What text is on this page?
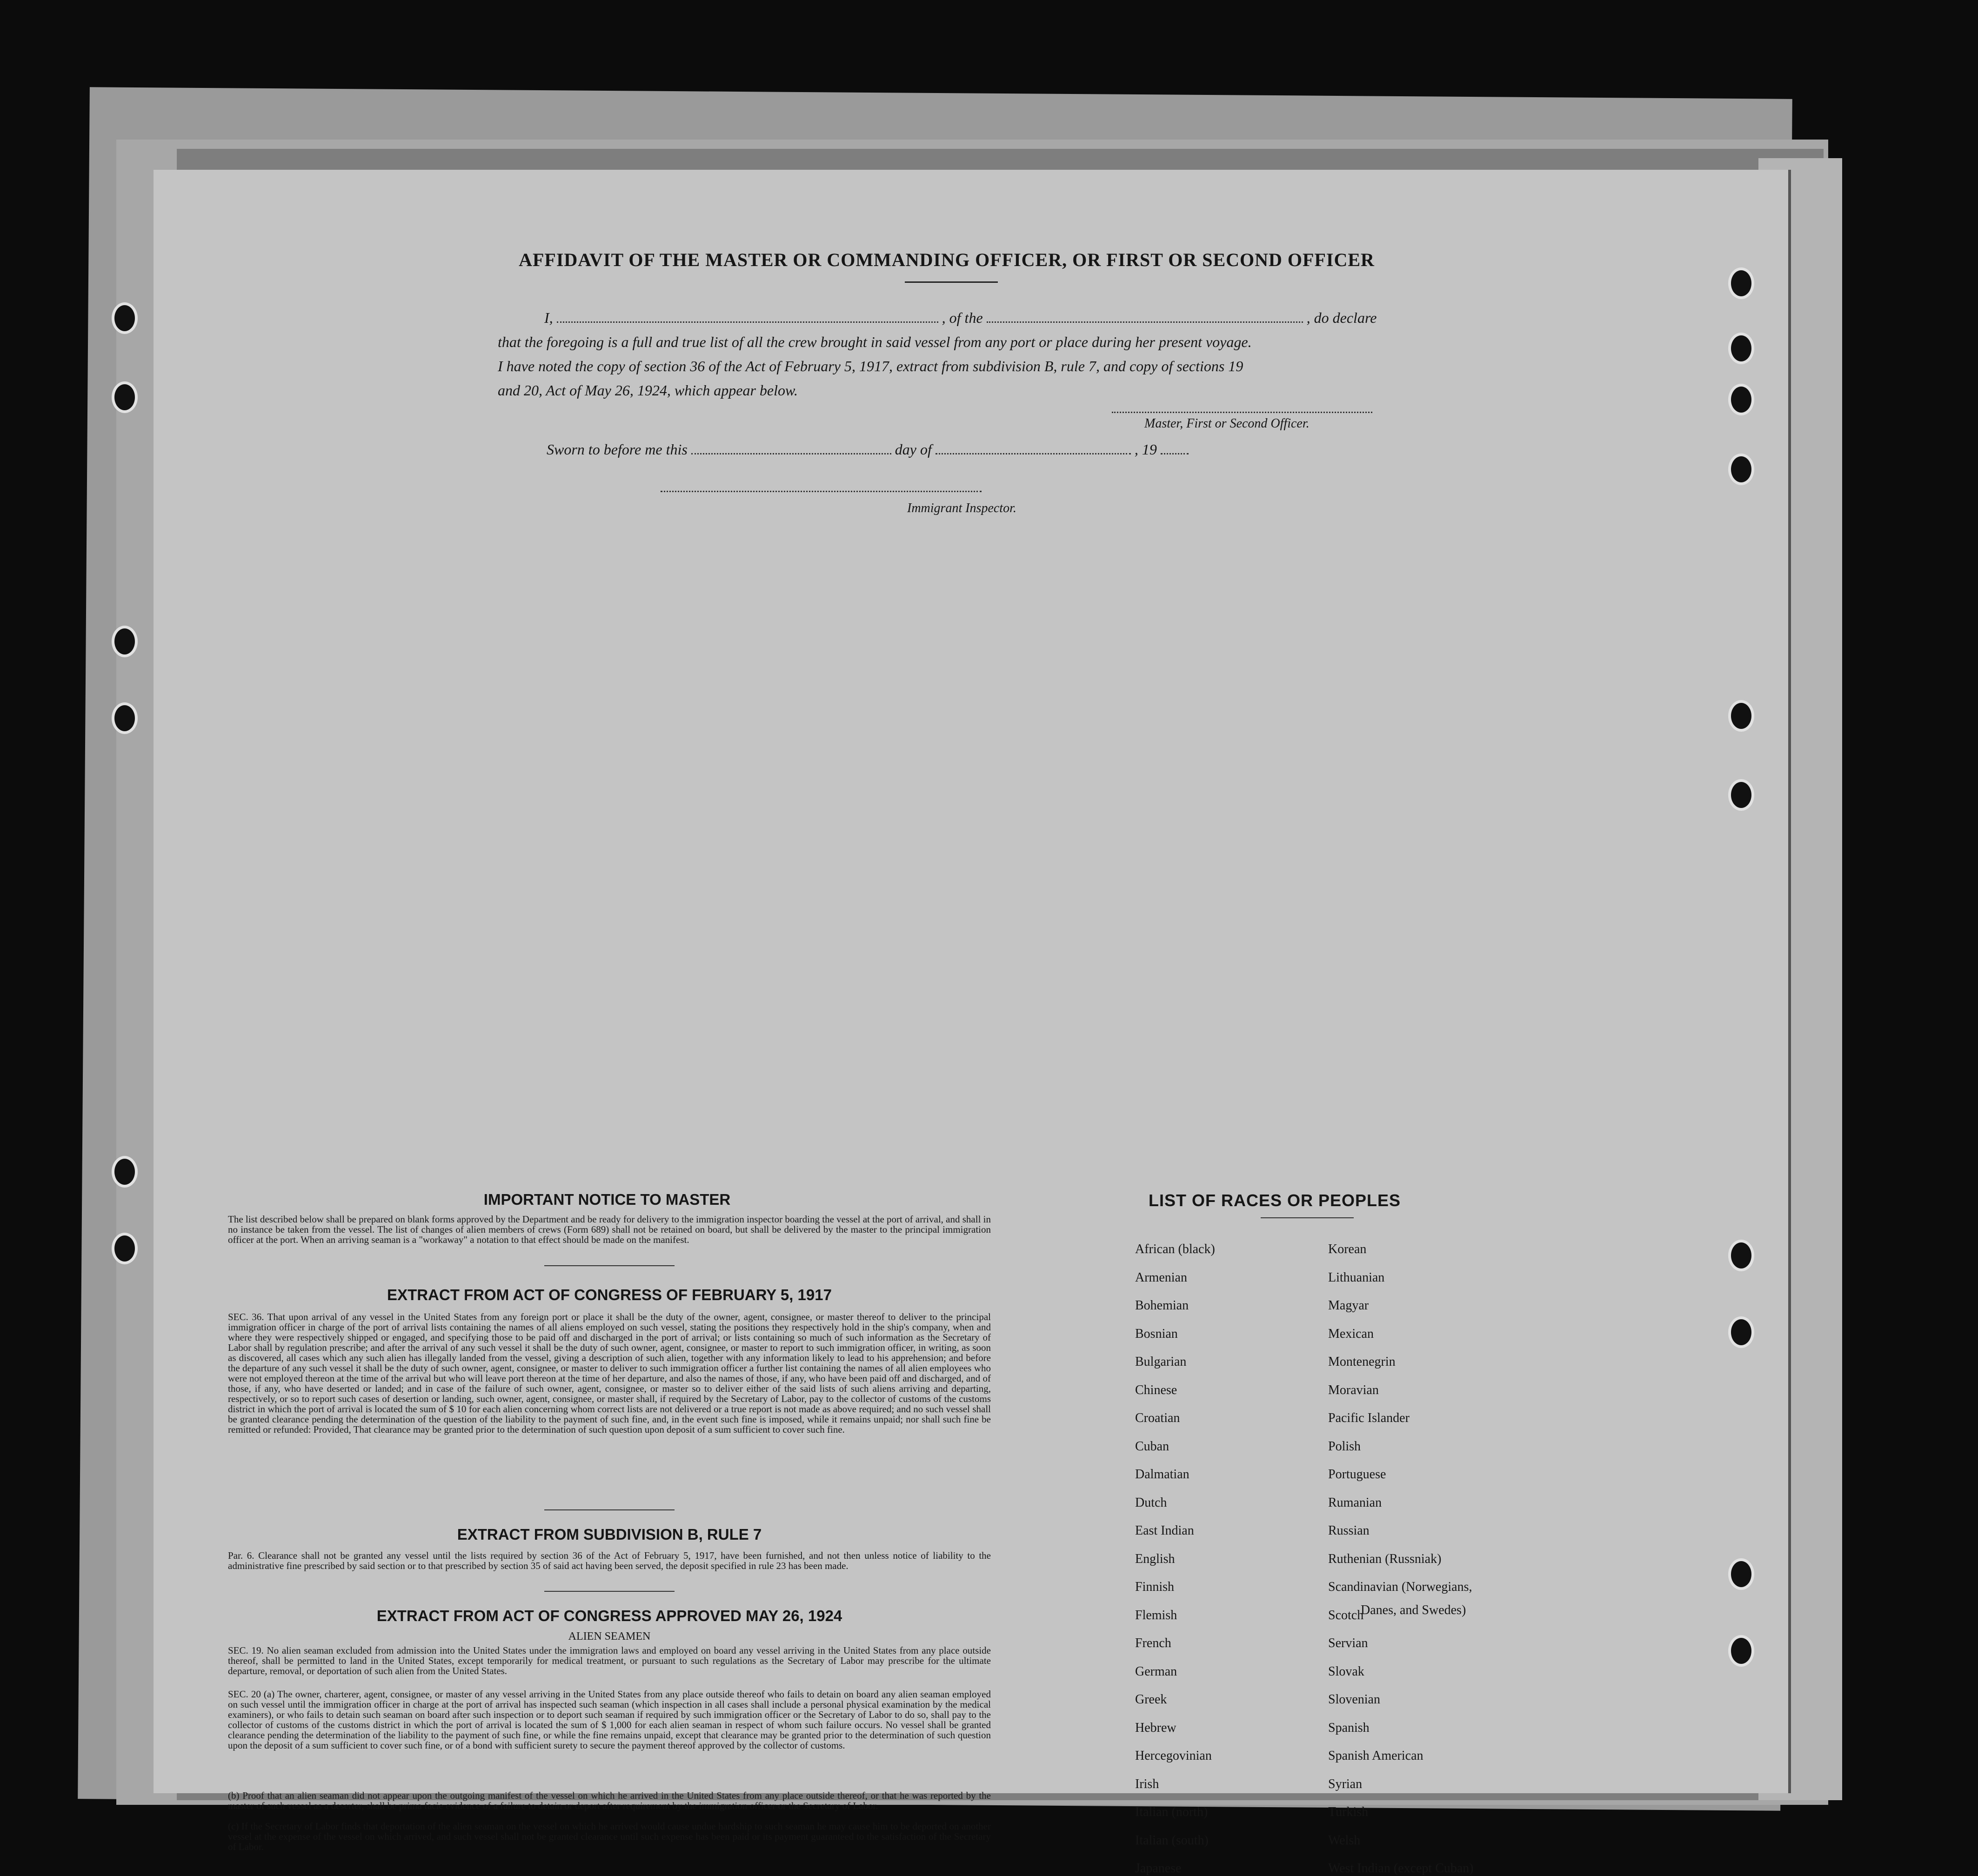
AFFIDAVIT OF THE MASTER OR COMMANDING OFFICER, OR FIRST OR SECOND OFFICER
I,	, of the	, do declare
that the foregoing is a full and true list of all the crew brought in said vessel from any port or place during her present voyage.
I have noted the copy of section 36 of the Act of February 5, 1917, extract from subdivision B, rule 7, and copy of sections 19
and 20, Act of May 26, 1924, which appear below.
Master, First or Second Officer.
Sworn to before me this	day of	, 19
Immigrant Inspector.
IMPORTANT NOTICE TO MASTER
The list described below shall be prepared on blank forms approved by the Department and be ready for delivery to the immigration inspector boarding the vessel at the port of arrival, and shall in no instance be taken from the vessel. The list of changes of alien members of crews (Form 689) shall not be retained on board, but shall be delivered by the master to the principal immigration officer at the port. When an arriving seaman is a "workaway" a notation to that effect should be made on the manifest.
EXTRACT FROM ACT OF CONGRESS OF FEBRUARY 5, 1917
SEC. 36. That upon arrival of any vessel in the United States from any foreign port or place it shall be the duty of the owner, agent, consignee, or master thereof to deliver to the principal immigration officer in charge of the port of arrival lists containing the names of all aliens employed on such vessel, stating the positions they respectively hold in the ship's company, when and where they were respectively shipped or engaged, and specifying those to be paid off and discharged in the port of arrival; or lists containing so much of such information as the Secretary of Labor shall by regulation prescribe; and after the arrival of any such vessel it shall be the duty of such owner, agent, consignee, or master to report to such immigration officer, in writing, as soon as discovered, all cases which any such alien has illegally landed from the vessel, giving a description of such alien, together with any information likely to lead to his apprehension; and before the departure of any such vessel it shall be the duty of such owner, agent, consignee, or master to deliver to such immigration officer a further list containing the names of all alien employees who were not employed thereon at the time of the arrival but who will leave port thereon at the time of her departure, and also the names of those, if any, who have been paid off and discharged, and of those, if any, who have deserted or landed; and in case of the failure of such owner, agent, consignee, or master so to deliver either of the said lists of such aliens arriving and departing, respectively, or so to report such cases of desertion or landing, such owner, agent, consignee, or master shall, if required by the Secretary of Labor, pay to the collector of customs of the customs district in which the port of arrival is located the sum of $ 10 for each alien concerning whom correct lists are not delivered or a true report is not made as above required; and no such vessel shall be granted clearance pending the determination of the question of the liability to the payment of such fine, and, in the event such fine is imposed, while it remains unpaid; nor shall such fine be remitted or refunded: Provided, That clearance may be granted prior to the determination of such question upon deposit of a sum sufficient to cover such fine.
EXTRACT FROM SUBDIVISION B, RULE 7
Par. 6. Clearance shall not be granted any vessel until the lists required by section 36 of the Act of February 5, 1917, have been furnished, and not then unless notice of liability to the administrative fine prescribed by said section or to that prescribed by section 35 of said act having been served, the deposit specified in rule 23 has been made.
EXTRACT FROM ACT OF CONGRESS APPROVED MAY 26, 1924
ALIEN SEAMEN
SEC. 19. No alien seaman excluded from admission into the United States under the immigration laws and employed on board any vessel arriving in the United States from any place outside thereof, shall be permitted to land in the United States, except temporarily for medical treatment, or pursuant to such regulations as the Secretary of Labor may prescribe for the ultimate departure, removal, or deportation of such alien from the United States.
SEC. 20 (a) The owner, charterer, agent, consignee, or master of any vessel arriving in the United States from any place outside thereof who fails to detain on board any alien seaman employed on such vessel until the immigration officer in charge at the port of arrival has inspected such seaman (which inspection in all cases shall include a personal physical examination by the medical examiners), or who fails to detain such seaman on board after such inspection or to deport such seaman if required by such immigration officer or the Secretary of Labor to do so, shall pay to the collector of customs of the customs district in which the port of arrival is located the sum of $ 1,000 for each alien seaman in respect of whom such failure occurs. No vessel shall be granted clearance pending the determination of the liability to the payment of such fine, or while the fine remains unpaid, except that clearance may be granted prior to the determination of such question upon the deposit of a sum sufficient to cover such fine, or of a bond with sufficient surety to secure the payment thereof approved by the collector of customs.
(b) Proof that an alien seaman did not appear upon the outgoing manifest of the vessel on which he arrived in the United States from any place outside thereof, or that he was reported by the master of such vessel as a deserter, shall be prima facie evidence of a failure to detain or deport after requirement by the immigration officer or the Secretary of Labor.
(c) If the Secretary of Labor finds that deportation of the alien seaman on the vessel on which he arrived would cause undue hardship to such seaman he may cause him to be deported on another vessel at the expense of the vessel on which arrived, and such vessel shall not be granted clearance until such expense has been paid or its payment guaranteed to the satisfaction of the Secretary of Labor.
LIST OF RACES OR PEOPLES
Danes, and Swedes)
African (black)
Armenian
Bohemian
Bosnian
Bulgarian
Chinese
Croatian
Cuban
Dalmatian
Dutch
East Indian
English
Finnish
Flemish
French
German
Greek
Hebrew
Hercegovinian
Irish
Italian (north)
Italian (south)
Japanese
Korean
Lithuanian
Magyar
Mexican
Montenegrin
Moravian
Pacific Islander
Polish
Portuguese
Rumanian
Russian
Ruthenian (Russniak)
Scandinavian (Norwegians,
Scotch
Servian
Slovak
Slovenian
Spanish
Spanish American
Syrian
Turkish
Welsh
West Indian (except Cuban)
